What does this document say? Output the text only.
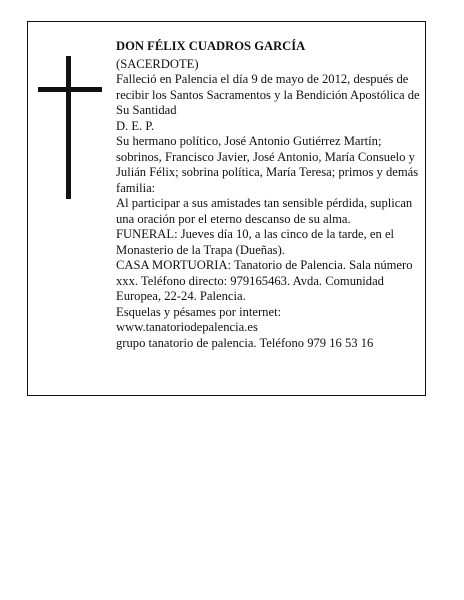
DON FÉLIX CUADROS GARCÍA

(SACERDOTE)

Falleció en Palencia el día 9 de mayo de 2012, después de recibir los Santos Sacramentos y la Bendición Apostólica de Su Santidad

D. E. P.

Su hermano político, José Antonio Gutiérrez Martín; sobrinos, Francisco Javier, José Antonio, María Consuelo y Julián Félix; sobrina política, María Teresa; primos y demás familia:

Al participar a sus amistades tan sensible pérdida, suplican una oración por el eterno descanso de su alma.

FUNERAL: Jueves día 10, a las cinco de la tarde, en el Monasterio de la Trapa (Dueñas).

CASA MORTUORIA: Tanatorio de Palencia. Sala número xxx. Teléfono directo: 979165463. Avda. Comunidad Europea, 22-24. Palencia.

Esquelas y pésames por internet:

www.tanatoriodepalencia.es

grupo tanatorio de palencia. Teléfono 979 16 53 16
